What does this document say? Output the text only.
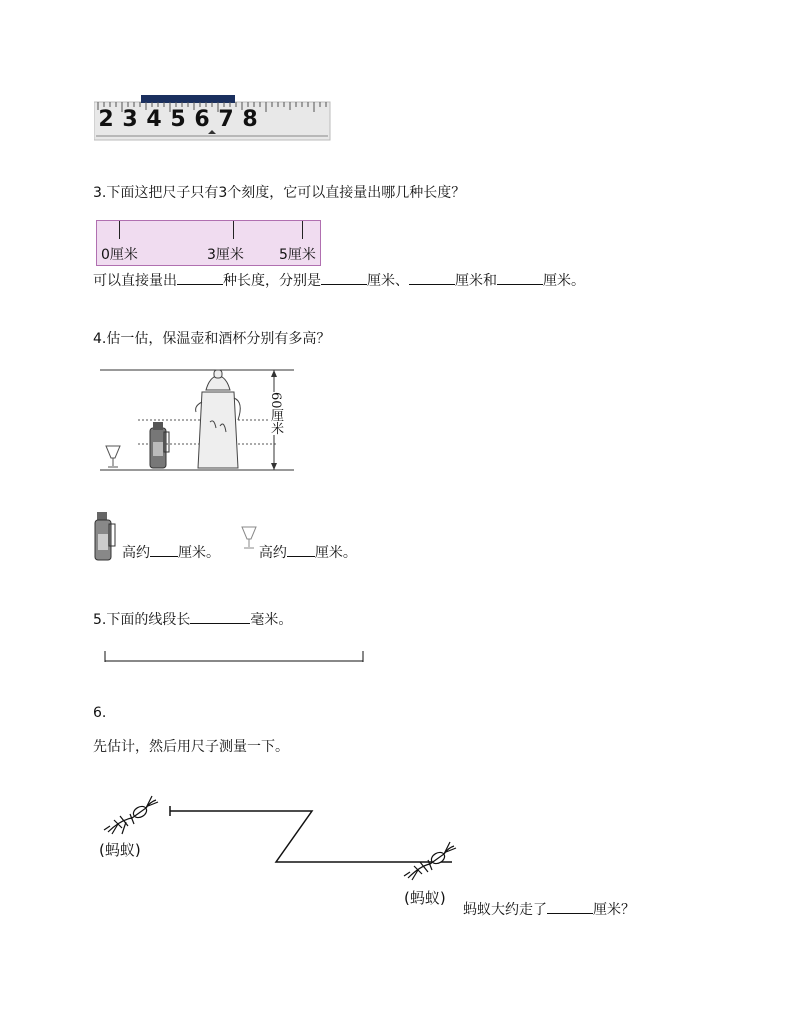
2 3 4 5 6 7 8
3.下面这把尺子只有3个刻度，它可以直接量出哪几种长度？
0厘米	3厘米	5厘米
可以直接量出	种长度，分别是	厘米、	厘米和	厘米。
4.估一估，保温壶和酒杯分别有多高？
60厘米
高约 厘米。	高约 厘米。
5.下面的线段长	毫米。
6.
先估计，然后用尺子测量一下。
(蚂蚁)
(蚂蚁)
蚂蚁大约走了	厘米？
